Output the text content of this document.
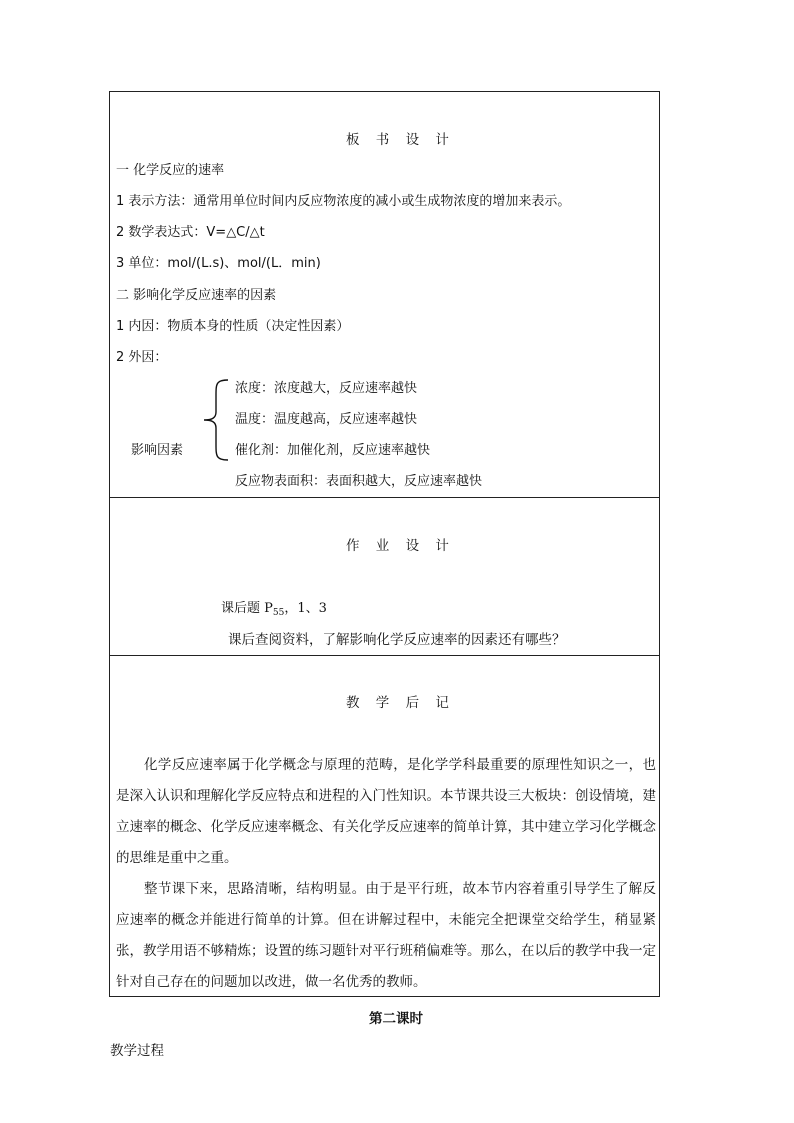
板 书 设 计
一 化学反应的速率
1 表示方法：通常用单位时间内反应物浓度的减小或生成物浓度的增加来表示。
2 数学表达式：V=△C/△t
3 单位：mol/(L.s)、mol/(L．min)
二 影响化学反应速率的因素
1 内因：物质本身的性质（决定性因素）
2 外因：
影响因素
浓度：浓度越大，反应速率越快
温度：温度越高，反应速率越快
催化剂：加催化剂，反应速率越快
反应物表面积：表面积越大，反应速率越快
作 业 设 计
课后题 $P_{55}$，1、3
课后查阅资料，了解影响化学反应速率的因素还有哪些？
教 学 后 记
化学反应速率属于化学概念与原理的范畴，是化学学科最重要的原理性知识之一，也是深入认识和理解化学反应特点和进程的入门性知识。本节课共设三大板块：创设情境，建立速率的概念、化学反应速率概念、有关化学反应速率的简单计算，其中建立学习化学概念的思维是重中之重。
整节课下来，思路清晰，结构明显。由于是平行班，故本节内容着重引导学生了解反应速率的概念并能进行简单的计算。但在讲解过程中，未能完全把课堂交给学生，稍显紧张，教学用语不够精炼；设置的练习题针对平行班稍偏难等。那么，在以后的教学中我一定针对自己存在的问题加以改进，做一名优秀的教师。
第二课时
教学过程
